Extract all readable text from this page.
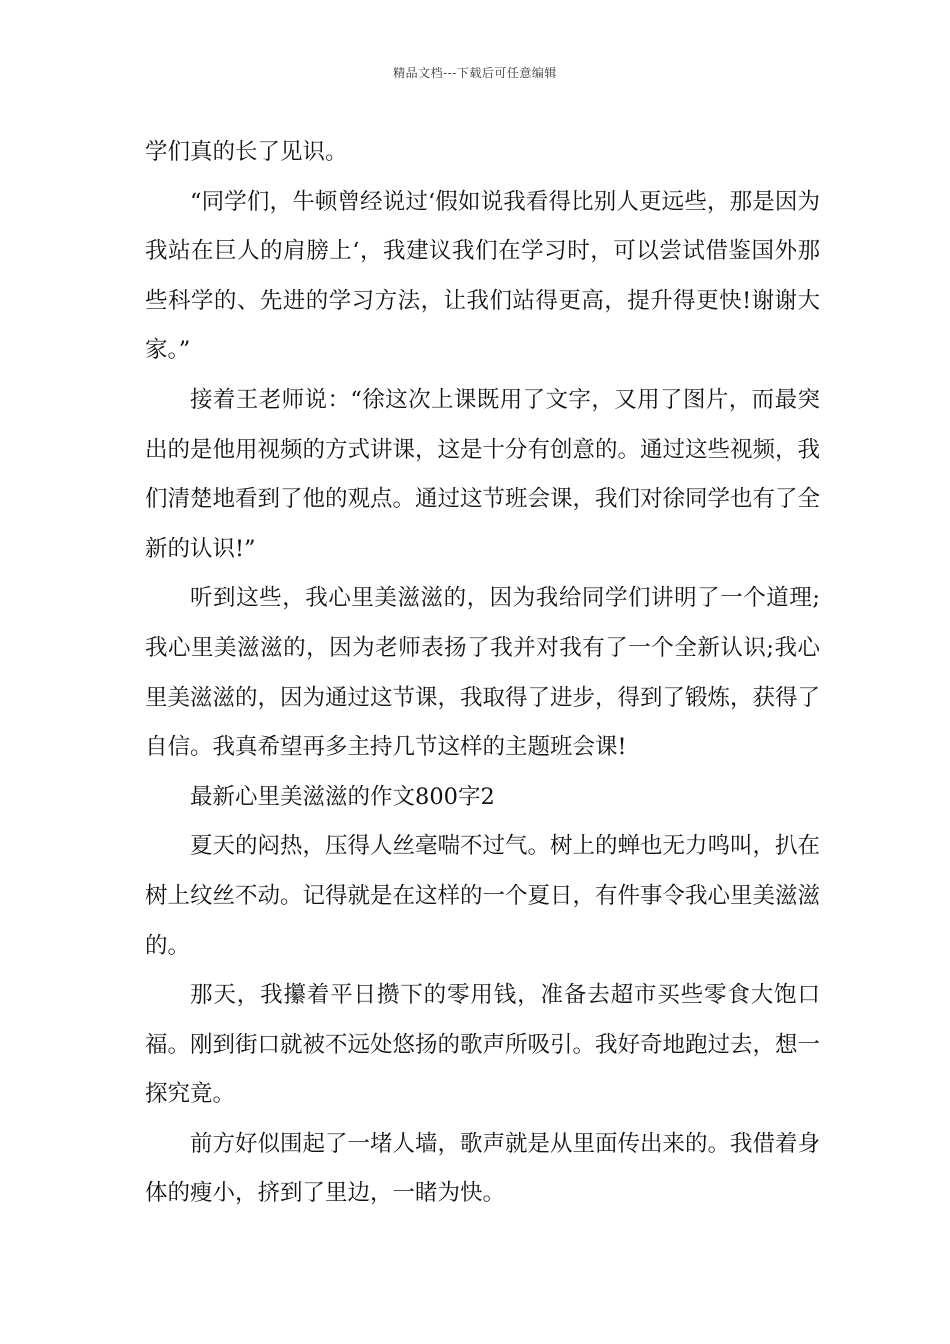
精品文档---下载后可任意编辑

学们真的长了见识。

“同学们，牛顿曾经说过‘假如说我看得比别人更远些，那是因为我站在巨人的肩膀上‘，我建议我们在学习时，可以尝试借鉴国外那些科学的、先进的学习方法，让我们站得更高，提升得更快!谢谢大家。”

接着王老师说：“徐这次上课既用了文字，又用了图片，而最突出的是他用视频的方式讲课，这是十分有创意的。通过这些视频，我们清楚地看到了他的观点。通过这节班会课，我们对徐同学也有了全新的认识!”

听到这些，我心里美滋滋的，因为我给同学们讲明了一个道理;我心里美滋滋的，因为老师表扬了我并对我有了一个全新认识;我心里美滋滋的，因为通过这节课，我取得了进步，得到了锻炼，获得了自信。我真希望再多主持几节这样的主题班会课!

最新心里美滋滋的作文800字2

夏天的闷热，压得人丝毫喘不过气。树上的蝉也无力鸣叫，扒在树上纹丝不动。记得就是在这样的一个夏日，有件事令我心里美滋滋的。

那天，我攥着平日攒下的零用钱，准备去超市买些零食大饱口福。刚到街口就被不远处悠扬的歌声所吸引。我好奇地跑过去，想一探究竟。

前方好似围起了一堵人墙，歌声就是从里面传出来的。我借着身体的瘦小，挤到了里边，一睹为快。
